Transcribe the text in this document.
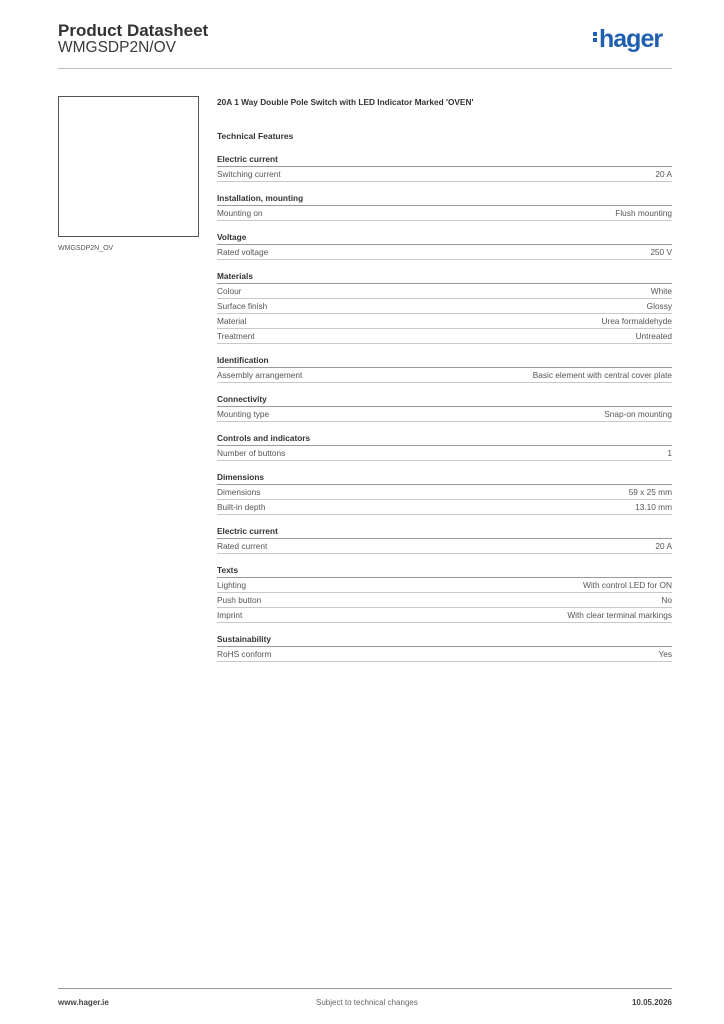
Product Datasheet
WMGSDP2N/OV	hager
WMGSDP2N_OV
20A 1 Way Double Pole Switch with LED Indicator Marked 'OVEN'
Technical Features
Electric current
Switching current	20 A
Installation, mounting
Mounting on	Flush mounting
Voltage
Rated voltage	250 V
Materials
Colour	White
Surface finish	Glossy
Material	Urea formaldehyde
Treatment	Untreated
Identification
Assembly arrangement	Basic element with central cover plate
Connectivity
Mounting type	Snap-on mounting
Controls and indicators
Number of buttons	1
Dimensions
Dimensions	59 x 25 mm
Built-in depth	13.10 mm
Electric current
Rated current	20 A
Texts
Lighting	With control LED for ON
Push button	No
Imprint	With clear terminal markings
Sustainability
RoHS conform	Yes
www.hager.ie	Subject to technical changes	10.05.2026
